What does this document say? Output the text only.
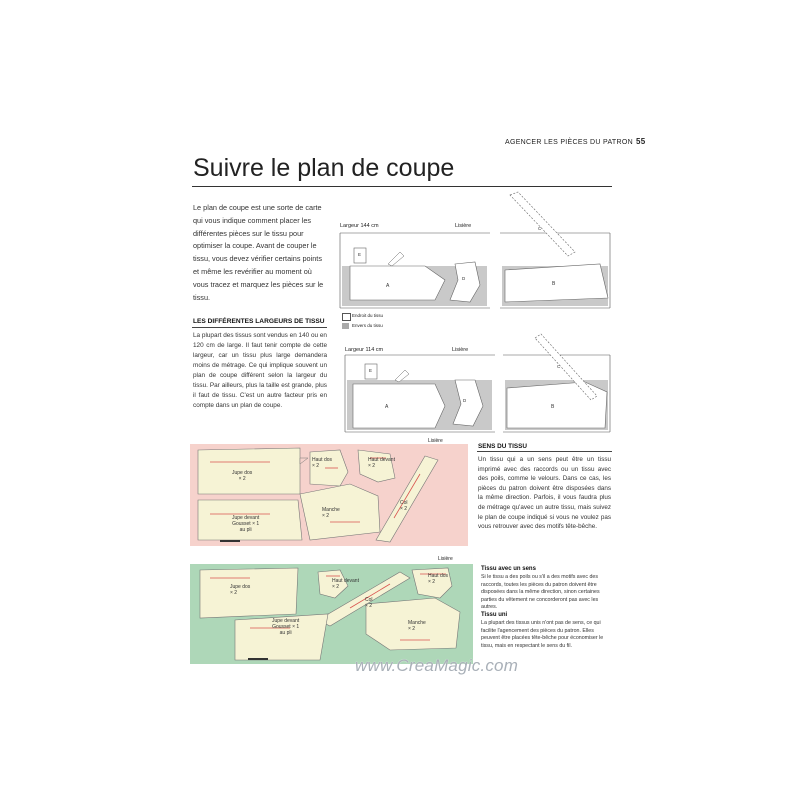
AGENCER LES PIÈCES DU PATRON 55
Suivre le plan de coupe
Le plan de coupe est une sorte de carte qui vous indique comment placer les différentes pièces sur le tissu pour optimiser la coupe. Avant de couper le tissu, vous devez vérifier certains points et même les revérifier au moment où vous tracez et marquez les pièces sur le tissu.
LES DIFFÉRENTES LARGEURS DE TISSU
La plupart des tissus sont vendus en 140 ou en 120 cm de large. Il faut tenir compte de cette largeur, car un tissu plus large demandera moins de métrage. Ce qui implique souvent un plan de coupe différent selon la largeur du tissu. Par ailleurs, plus la taille est grande, plus il faut de tissu. C'est un autre facteur pris en compte dans un plan de coupe.
Largeur 144 cm	Lisière
A
E
D
B
C
Endroit du tissu
Envers du tissu
Largeur 114 cm	Lisière
A
E
D
B
C
Lisière
Jupe dos
× 2
Haut dos
× 2
Haut devant
× 2
Jupe devant
Gousset × 1
au pli
Manche
× 2
Col
× 2
SENS DU TISSU
Un tissu qui a un sens peut être un tissu imprimé avec des raccords ou un tissu avec des poils, comme le velours. Dans ce cas, les pièces du patron doivent être disposées dans la même direction. Parfois, il vous faudra plus de métrage qu'avec un autre tissu, mais suivez le plan de coupe indiqué si vous ne voulez pas vous retrouver avec des motifs tête-bêche.
Lisière
Jupe dos
× 2
Haut devant
× 2
Haut dos
× 2
Col
× 2
Jupe devant
Gousset × 1
au pli
Manche
× 2
Tissu avec un sens
Si le tissu a des poils ou s'il a des motifs avec des raccords, toutes les pièces du patron doivent être disposées dans la même direction, sinon certaines parties du vêtement ne concorderont pas avec les autres.
Tissu uni
La plupart des tissus unis n'ont pas de sens, ce qui facilite l'agencement des pièces du patron. Elles peuvent être placées tête-bêche pour économiser le tissu, mais en respectant le sens du fil.
www.CreaMagic.com
